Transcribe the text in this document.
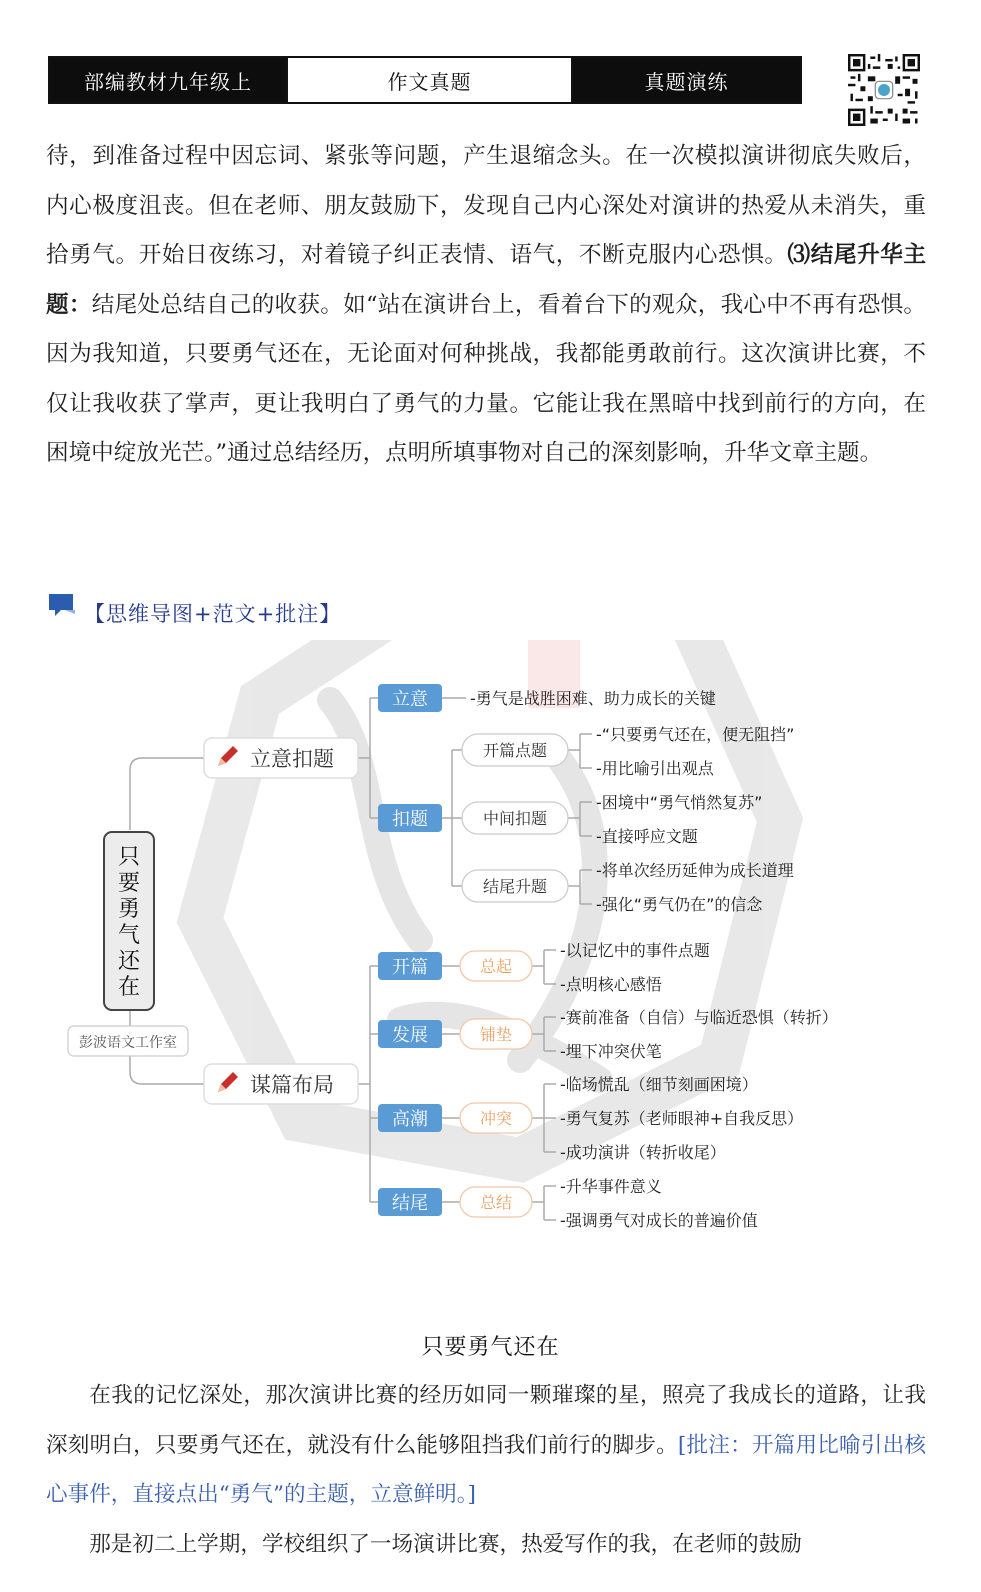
部编教材九年级上	作文真题	真题演练

待，到准备过程中因忘词、紧张等问题，产生退缩念头。在一次模拟演讲彻底失败后，内心极度沮丧。但在老师、朋友鼓励下，发现自己内心深处对演讲的热爱从未消失，重拾勇气。开始日夜练习，对着镜子纠正表情、语气，不断克服内心恐惧。⑶结尾升华主题：结尾处总结自己的收获。如“站在演讲台上，看着台下的观众，我心中不再有恐惧。因为我知道，只要勇气还在，无论面对何种挑战，我都能勇敢前行。这次演讲比赛，不仅让我收获了掌声，更让我明白了勇气的力量。它能让我在黑暗中找到前行的方向，在困境中绽放光芒。”通过总结经历，点明所填事物对自己的深刻影响，升华文章主题。

【思维导图+范文+批注】
只要勇气还在
彭波语文工作室
立意扣题
立意	-勇气是战胜困难、助力成长的关键
扣题
开篇点题
-“只要勇气还在，便无阻挡”
-用比喻引出观点
中间扣题
-困境中“勇气悄然复苏”
-直接呼应文题
结尾升题
-将单次经历延伸为成长道理
-强化“勇气仍在”的信念
谋篇布局
开篇	总起
-以记忆中的事件点题
-点明核心感悟
发展	铺垫
-赛前准备（自信）与临近恐惧（转折）
-埋下冲突伏笔
高潮	冲突
-临场慌乱（细节刻画困境）
-勇气复苏（老师眼神+自我反思）
-成功演讲（转折收尾）
结尾	总结
-升华事件意义
-强调勇气对成长的普遍价值
只要勇气还在

在我的记忆深处，那次演讲比赛的经历如同一颗璀璨的星，照亮了我成长的道路，让我深刻明白，只要勇气还在，就没有什么能够阻挡我们前行的脚步。[批注：开篇用比喻引出核心事件，直接点出“勇气”的主题，立意鲜明。]

那是初二上学期，学校组织了一场演讲比赛，热爱写作的我，在老师的鼓励
